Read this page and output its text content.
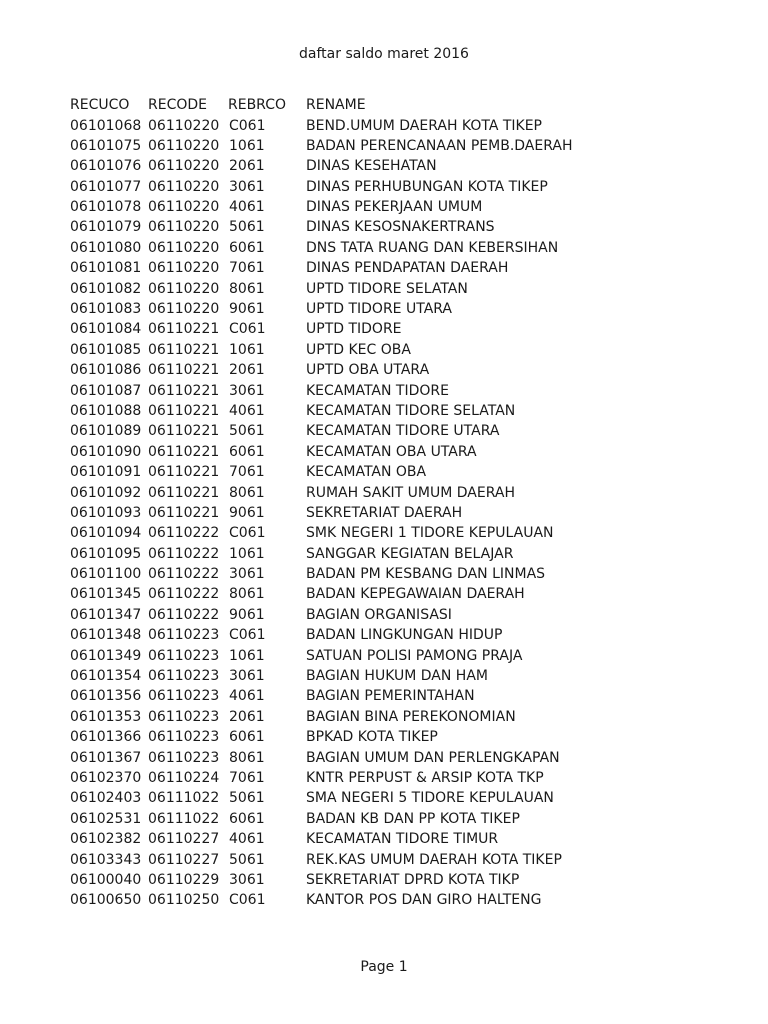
daftar saldo maret 2016
RECUCO RECODE REBRCO RENAME
06101068 06110220 C061	BEND.UMUM DAERAH KOTA TIKEP
06101075 06110220 1061	BADAN PERENCANAAN PEMB.DAERAH
06101076 06110220 2061	DINAS KESEHATAN
06101077 06110220 3061	DINAS PERHUBUNGAN KOTA TIKEP
06101078 06110220 4061	DINAS PEKERJAAN UMUM
06101079 06110220 5061	DINAS KESOSNAKERTRANS
06101080 06110220 6061	DNS TATA RUANG DAN KEBERSIHAN
06101081 06110220 7061	DINAS PENDAPATAN DAERAH
06101082 06110220 8061	UPTD TIDORE SELATAN
06101083 06110220 9061	UPTD TIDORE UTARA
06101084 06110221 C061	UPTD TIDORE
06101085 06110221 1061	UPTD KEC OBA
06101086 06110221 2061	UPTD OBA UTARA
06101087 06110221 3061	KECAMATAN TIDORE
06101088 06110221 4061	KECAMATAN TIDORE SELATAN
06101089 06110221 5061	KECAMATAN TIDORE UTARA
06101090 06110221 6061	KECAMATAN OBA UTARA
06101091 06110221 7061	KECAMATAN OBA
06101092 06110221 8061	RUMAH SAKIT UMUM DAERAH
06101093 06110221 9061	SEKRETARIAT DAERAH
06101094 06110222 C061	SMK NEGERI 1 TIDORE KEPULAUAN
06101095 06110222 1061	SANGGAR KEGIATAN BELAJAR
06101100 06110222 3061	BADAN PM KESBANG DAN LINMAS
06101345 06110222 8061	BADAN KEPEGAWAIAN DAERAH
06101347 06110222 9061	BAGIAN ORGANISASI
06101348 06110223 C061	BADAN LINGKUNGAN HIDUP
06101349 06110223 1061	SATUAN POLISI PAMONG PRAJA
06101354 06110223 3061	BAGIAN HUKUM DAN HAM
06101356 06110223 4061	BAGIAN PEMERINTAHAN
06101353 06110223 2061	BAGIAN BINA PEREKONOMIAN
06101366 06110223 6061	BPKAD KOTA TIKEP
06101367 06110223 8061	BAGIAN UMUM DAN PERLENGKAPAN
06102370 06110224 7061	KNTR PERPUST & ARSIP KOTA TKP
06102403 06111022 5061	SMA NEGERI 5 TIDORE KEPULAUAN
06102531 06111022 6061	BADAN KB DAN PP KOTA TIKEP
06102382 06110227 4061	KECAMATAN TIDORE TIMUR
06103343 06110227 5061	REK.KAS UMUM DAERAH KOTA TIKEP
06100040 06110229 3061	SEKRETARIAT DPRD KOTA TIKP
06100650 06110250 C061	KANTOR POS DAN GIRO HALTENG
Page 1
